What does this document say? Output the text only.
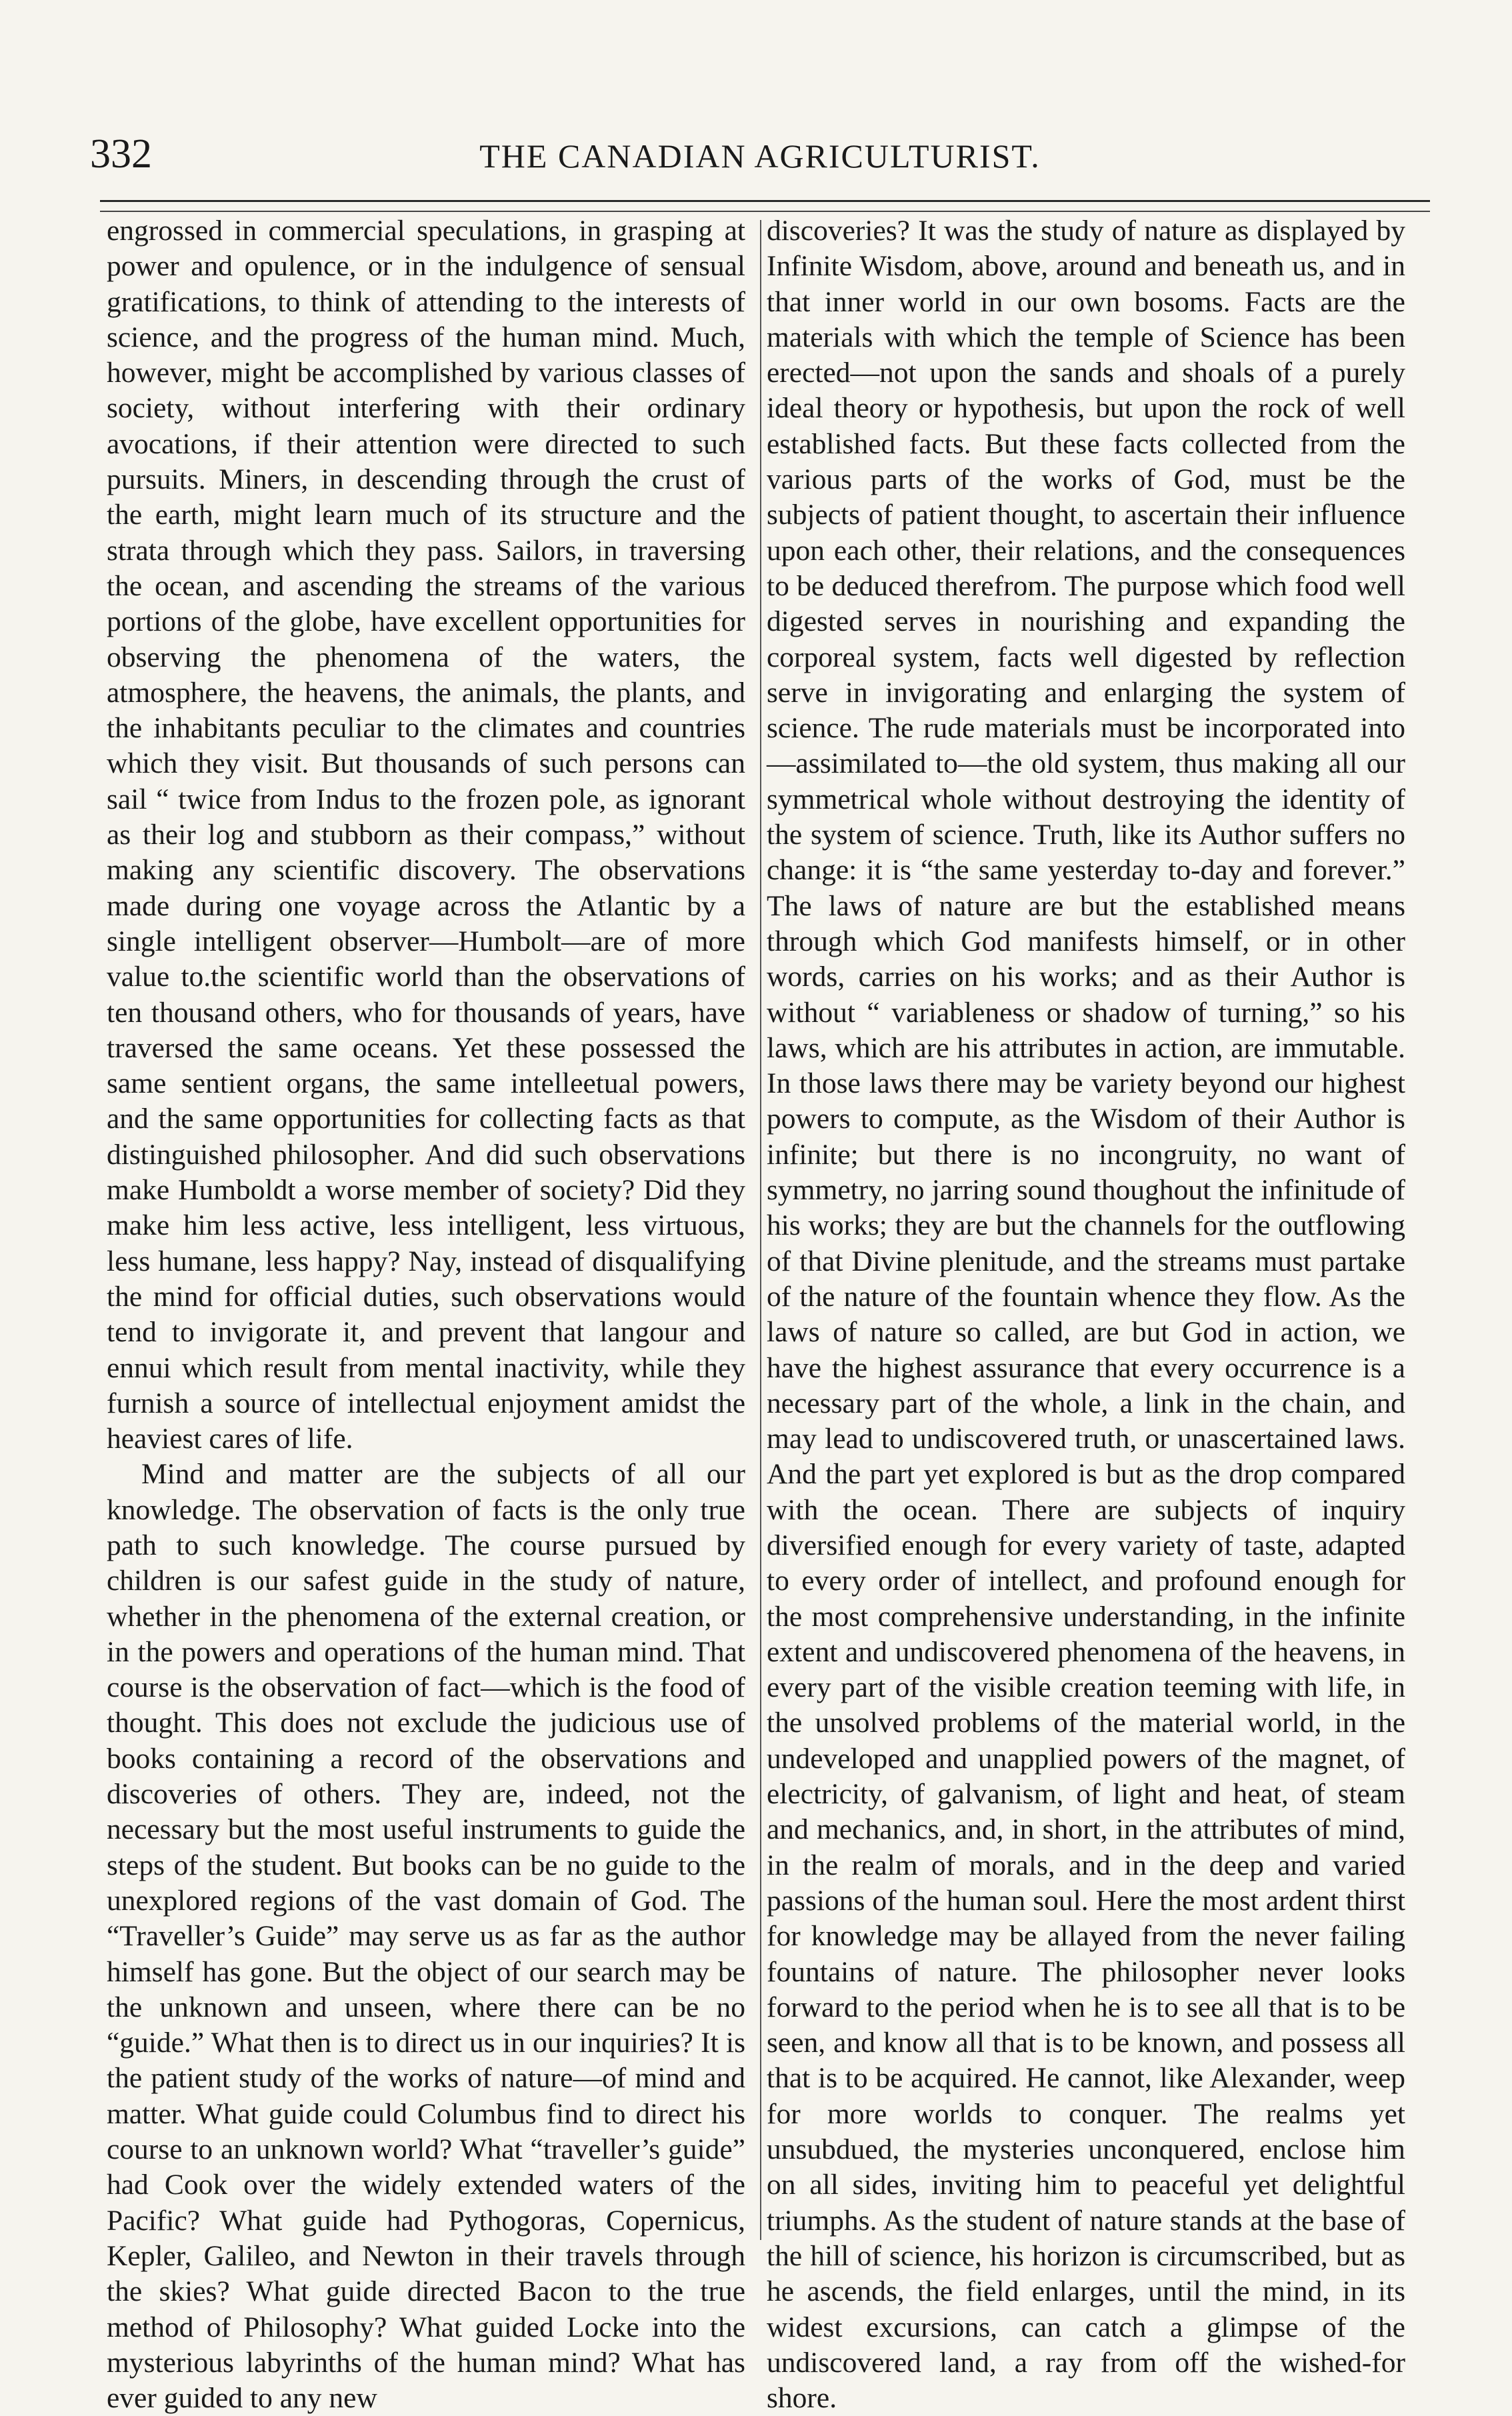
332	THE CANADIAN AGRICULTURIST.

engrossed in commercial speculations, in grasping at power and opulence, or in the indulgence of sensual gratifications, to think of attending to the interests of science, and the progress of the human mind. Much, however, might be accomplished by various classes of society, without interfering with their ordinary avocations, if their attention were directed to such pursuits. Miners, in descending through the crust of the earth, might learn much of its structure and the strata through which they pass. Sailors, in traversing the ocean, and ascending the streams of the various portions of the globe, have excellent opportunities for observing the phenomena of the waters, the atmosphere, the heavens, the animals, the plants, and the inhabitants peculiar to the climates and countries which they visit. But thousands of such persons can sail “ twice from Indus to the frozen pole, as ignorant as their log and stubborn as their compass,” without making any scientific discovery. The observations made during one voyage across the Atlantic by a single intelligent observer—Humbolt—are of more value to.the scientific world than the observations of ten thousand others, who for thousands of years, have traversed the same oceans. Yet these possessed the same sentient organs, the same intelleetual powers, and the same opportunities for collecting facts as that distinguished philosopher. And did such observations make Humboldt a worse member of society? Did they make him less active, less intelligent, less virtuous, less humane, less happy? Nay, instead of disqualifying the mind for official duties, such observations would tend to invigorate it, and prevent that langour and ennui which result from mental inactivity, while they furnish a source of intellectual enjoyment amidst the heaviest cares of life.

Mind and matter are the subjects of all our knowledge. The observation of facts is the only true path to such knowledge. The course pursued by children is our safest guide in the study of nature, whether in the phenomena of the external creation, or in the powers and operations of the human mind. That course is the observation of fact—which is the food of thought. This does not exclude the judicious use of books containing a record of the observations and discoveries of others. They are, indeed, not the necessary but the most useful instruments to guide the steps of the student. But books can be no guide to the unexplored regions of the vast domain of God. The “Traveller’s Guide” may serve us as far as the author himself has gone. But the object of our search may be the unknown and unseen, where there can be no “guide.” What then is to direct us in our inquiries? It is the patient study of the works of nature—of mind and matter. What guide could Columbus find to direct his course to an unknown world? What “traveller’s guide” had Cook over the widely extended waters of the Pacific? What guide had Pythogoras, Copernicus, Kepler, Galileo, and Newton in their travels through the skies? What guide directed Bacon to the true method of Philosophy? What guided Locke into the mysterious labyrinths of the human mind? What has ever guided to any new

discoveries? It was the study of nature as displayed by Infinite Wisdom, above, around and beneath us, and in that inner world in our own bosoms. Facts are the materials with which the temple of Science has been erected—not upon the sands and shoals of a purely ideal theory or hypothesis, but upon the rock of well established facts. But these facts collected from the various parts of the works of God, must be the subjects of patient thought, to ascertain their influence upon each other, their relations, and the consequences to be deduced therefrom. The purpose which food well digested serves in nourishing and expanding the corporeal system, facts well digested by reflection serve in invigorating and enlarging the system of science. The rude materials must be incorporated into—assimilated to—the old system, thus making all our symmetrical whole without destroying the identity of the system of science. Truth, like its Author suffers no change: it is “the same yesterday to-day and forever.” The laws of nature are but the established means through which God manifests himself, or in other words, carries on his works; and as their Author is without “ variableness or shadow of turning,” so his laws, which are his attributes in action, are immutable. In those laws there may be variety beyond our highest powers to compute, as the Wisdom of their Author is infinite; but there is no incongruity, no want of symmetry, no jarring sound thoughout the infinitude of his works; they are but the channels for the outflowing of that Divine plenitude, and the streams must partake of the nature of the fountain whence they flow. As the laws of nature so called, are but God in action, we have the highest assurance that every occurrence is a necessary part of the whole, a link in the chain, and may lead to undiscovered truth, or unascertained laws. And the part yet explored is but as the drop compared with the ocean. There are subjects of inquiry diversified enough for every variety of taste, adapted to every order of intellect, and profound enough for the most comprehensive understanding, in the infinite extent and undiscovered phenomena of the heavens, in every part of the visible creation teeming with life, in the unsolved problems of the material world, in the undeveloped and unapplied powers of the magnet, of electricity, of galvanism, of light and heat, of steam and mechanics, and, in short, in the attributes of mind, in the realm of morals, and in the deep and varied passions of the human soul. Here the most ardent thirst for knowledge may be allayed from the never failing fountains of nature. The philosopher never looks forward to the period when he is to see all that is to be seen, and know all that is to be known, and possess all that is to be acquired. He cannot, like Alexander, weep for more worlds to conquer. The realms yet unsubdued, the mysteries unconquered, enclose him on all sides, inviting him to peaceful yet delightful triumphs. As the student of nature stands at the base of the hill of science, his horizon is circumscribed, but as he ascends, the field enlarges, until the mind, in its widest excursions, can catch a glimpse of the undiscovered land, a ray from off the wished-for shore.
